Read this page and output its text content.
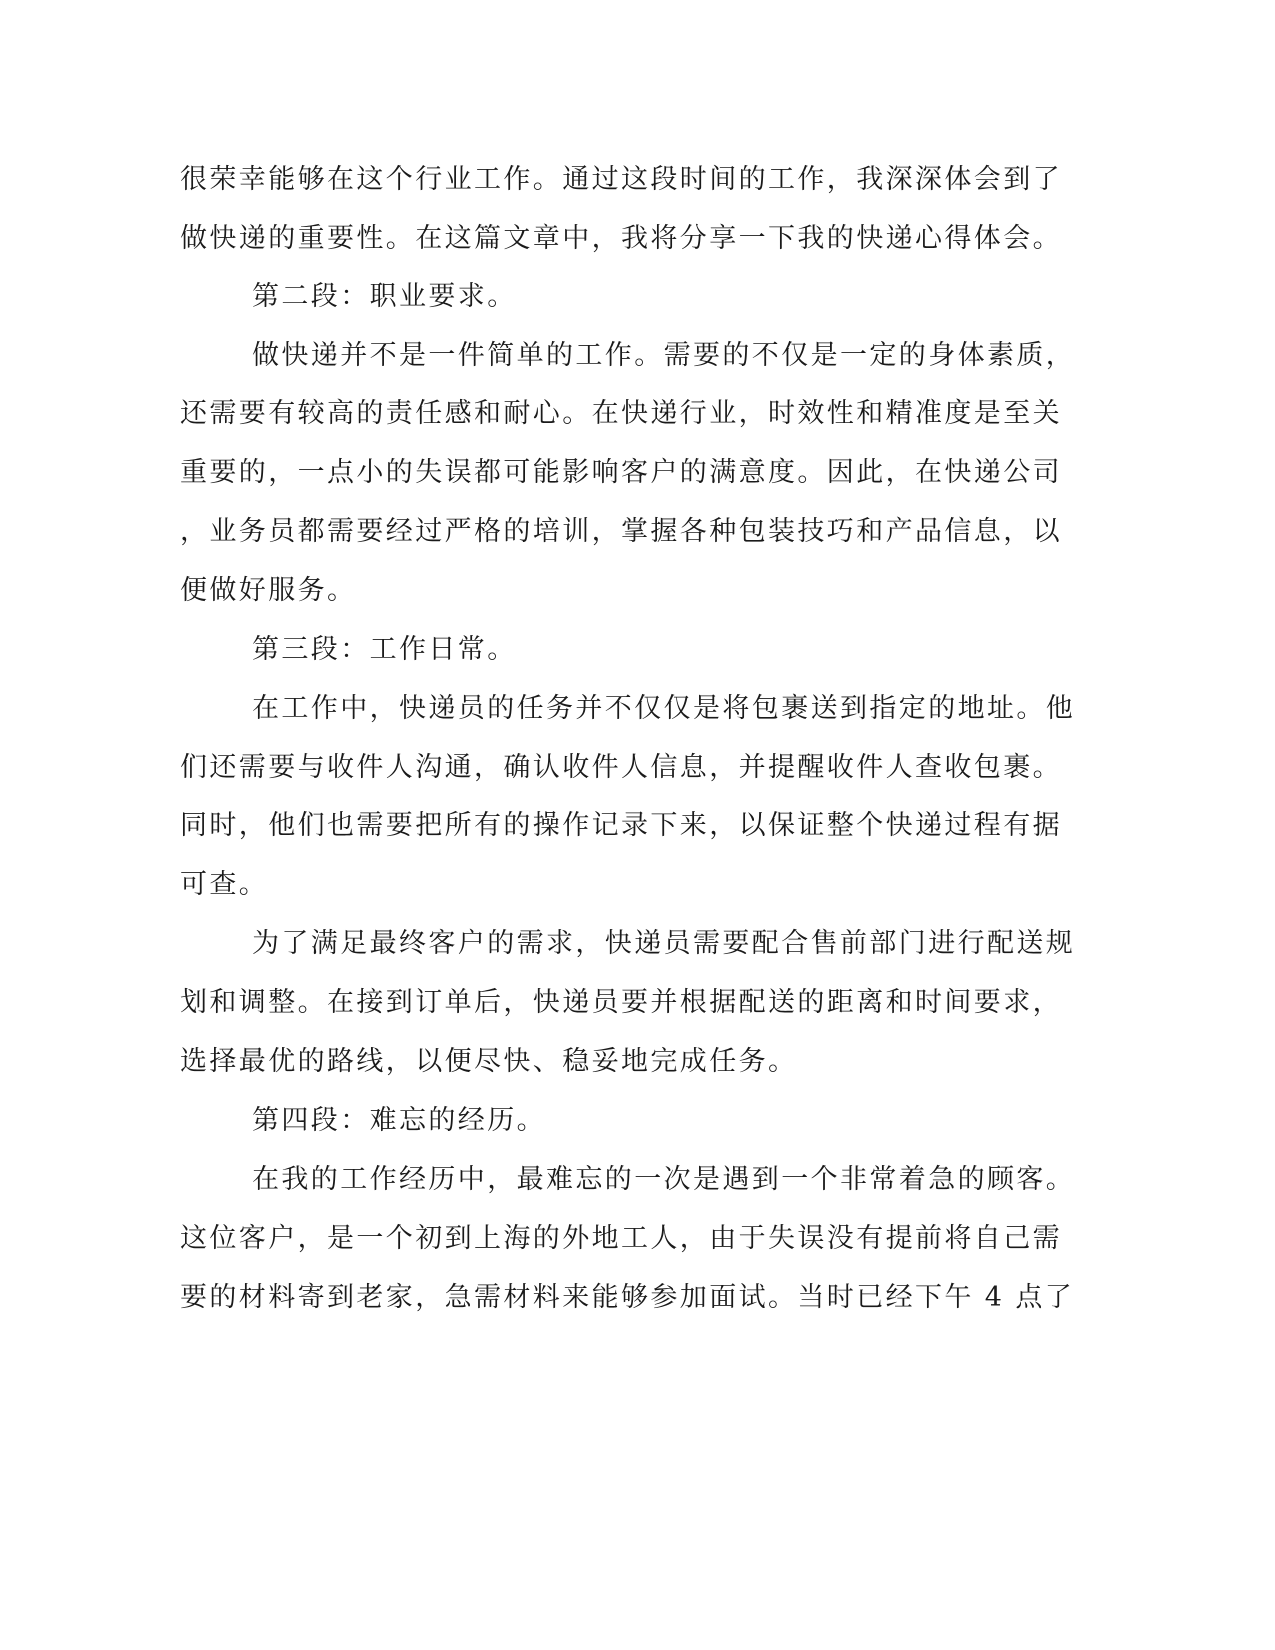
很荣幸能够在这个行业工作。通过这段时间的工作，我深深体会到了
做快递的重要性。在这篇文章中，我将分享一下我的快递心得体会。
第二段：职业要求。
做快递并不是一件简单的工作。需要的不仅是一定的身体素质，
还需要有较高的责任感和耐心。在快递行业，时效性和精准度是至关
重要的，一点小的失误都可能影响客户的满意度。因此，在快递公司
，业务员都需要经过严格的培训，掌握各种包装技巧和产品信息，以
便做好服务。
第三段：工作日常。
在工作中，快递员的任务并不仅仅是将包裹送到指定的地址。他
们还需要与收件人沟通，确认收件人信息，并提醒收件人查收包裹。
同时，他们也需要把所有的操作记录下来，以保证整个快递过程有据
可查。
为了满足最终客户的需求，快递员需要配合售前部门进行配送规
划和调整。在接到订单后，快递员要并根据配送的距离和时间要求，
选择最优的路线，以便尽快、稳妥地完成任务。
第四段：难忘的经历。
在我的工作经历中，最难忘的一次是遇到一个非常着急的顾客。
这位客户，是一个初到上海的外地工人，由于失误没有提前将自己需
要的材料寄到老家，急需材料来能够参加面试。当时已经下午 4 点了
